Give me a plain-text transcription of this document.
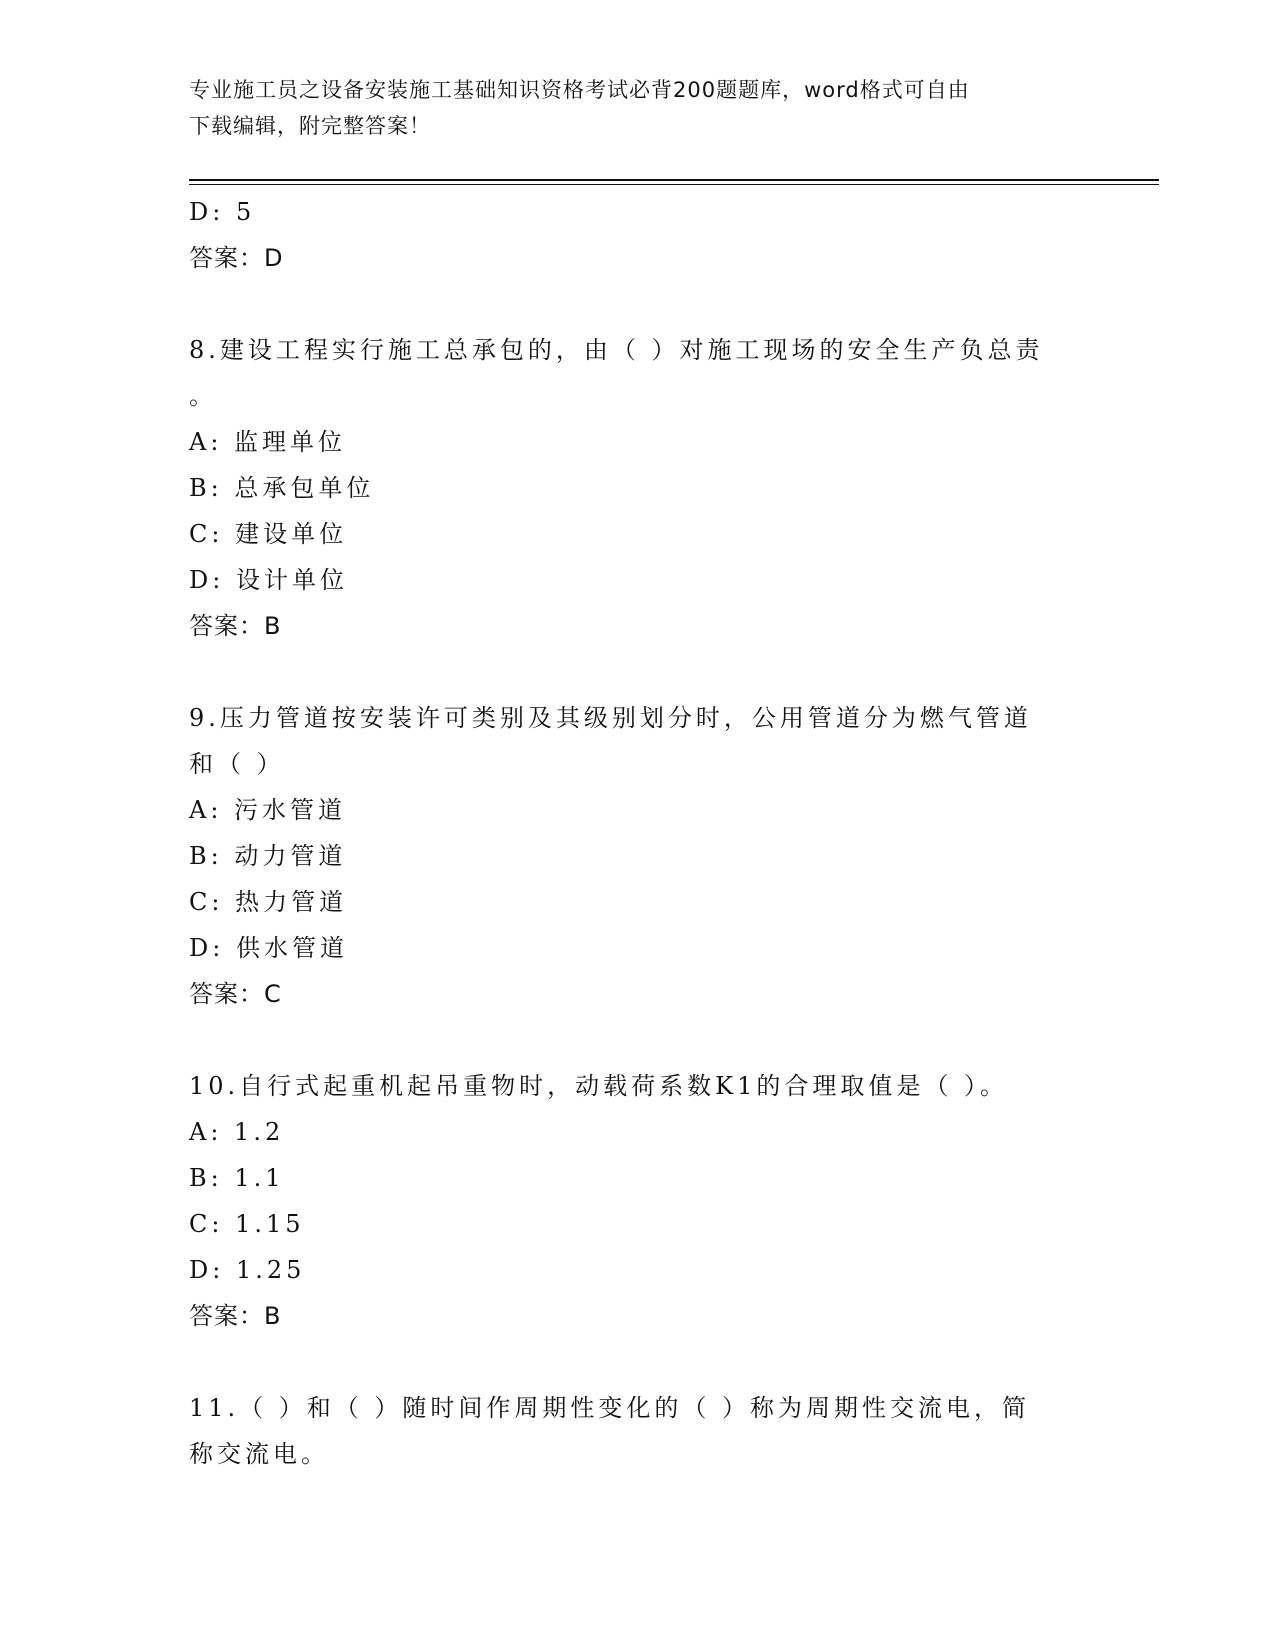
专业施工员之设备安装施工基础知识资格考试必背200题题库，word格式可自由
下载编辑，附完整答案！
D: 5
答案：D
8.建设工程实行施工总承包的，由（ ）对施工现场的安全生产负总责
。
A: 监理单位
B: 总承包单位
C: 建设单位
D: 设计单位
答案：B
9.压力管道按安装许可类别及其级别划分时，公用管道分为燃气管道
和（ ）
A: 污水管道
B: 动力管道
C: 热力管道
D: 供水管道
答案：C
10.自行式起重机起吊重物时，动载荷系数K1的合理取值是（ ）。
A: 1.2
B: 1.1
C: 1.15
D: 1.25
答案：B
11.（ ）和（ ）随时间作周期性变化的（ ）称为周期性交流电，简
称交流电。
